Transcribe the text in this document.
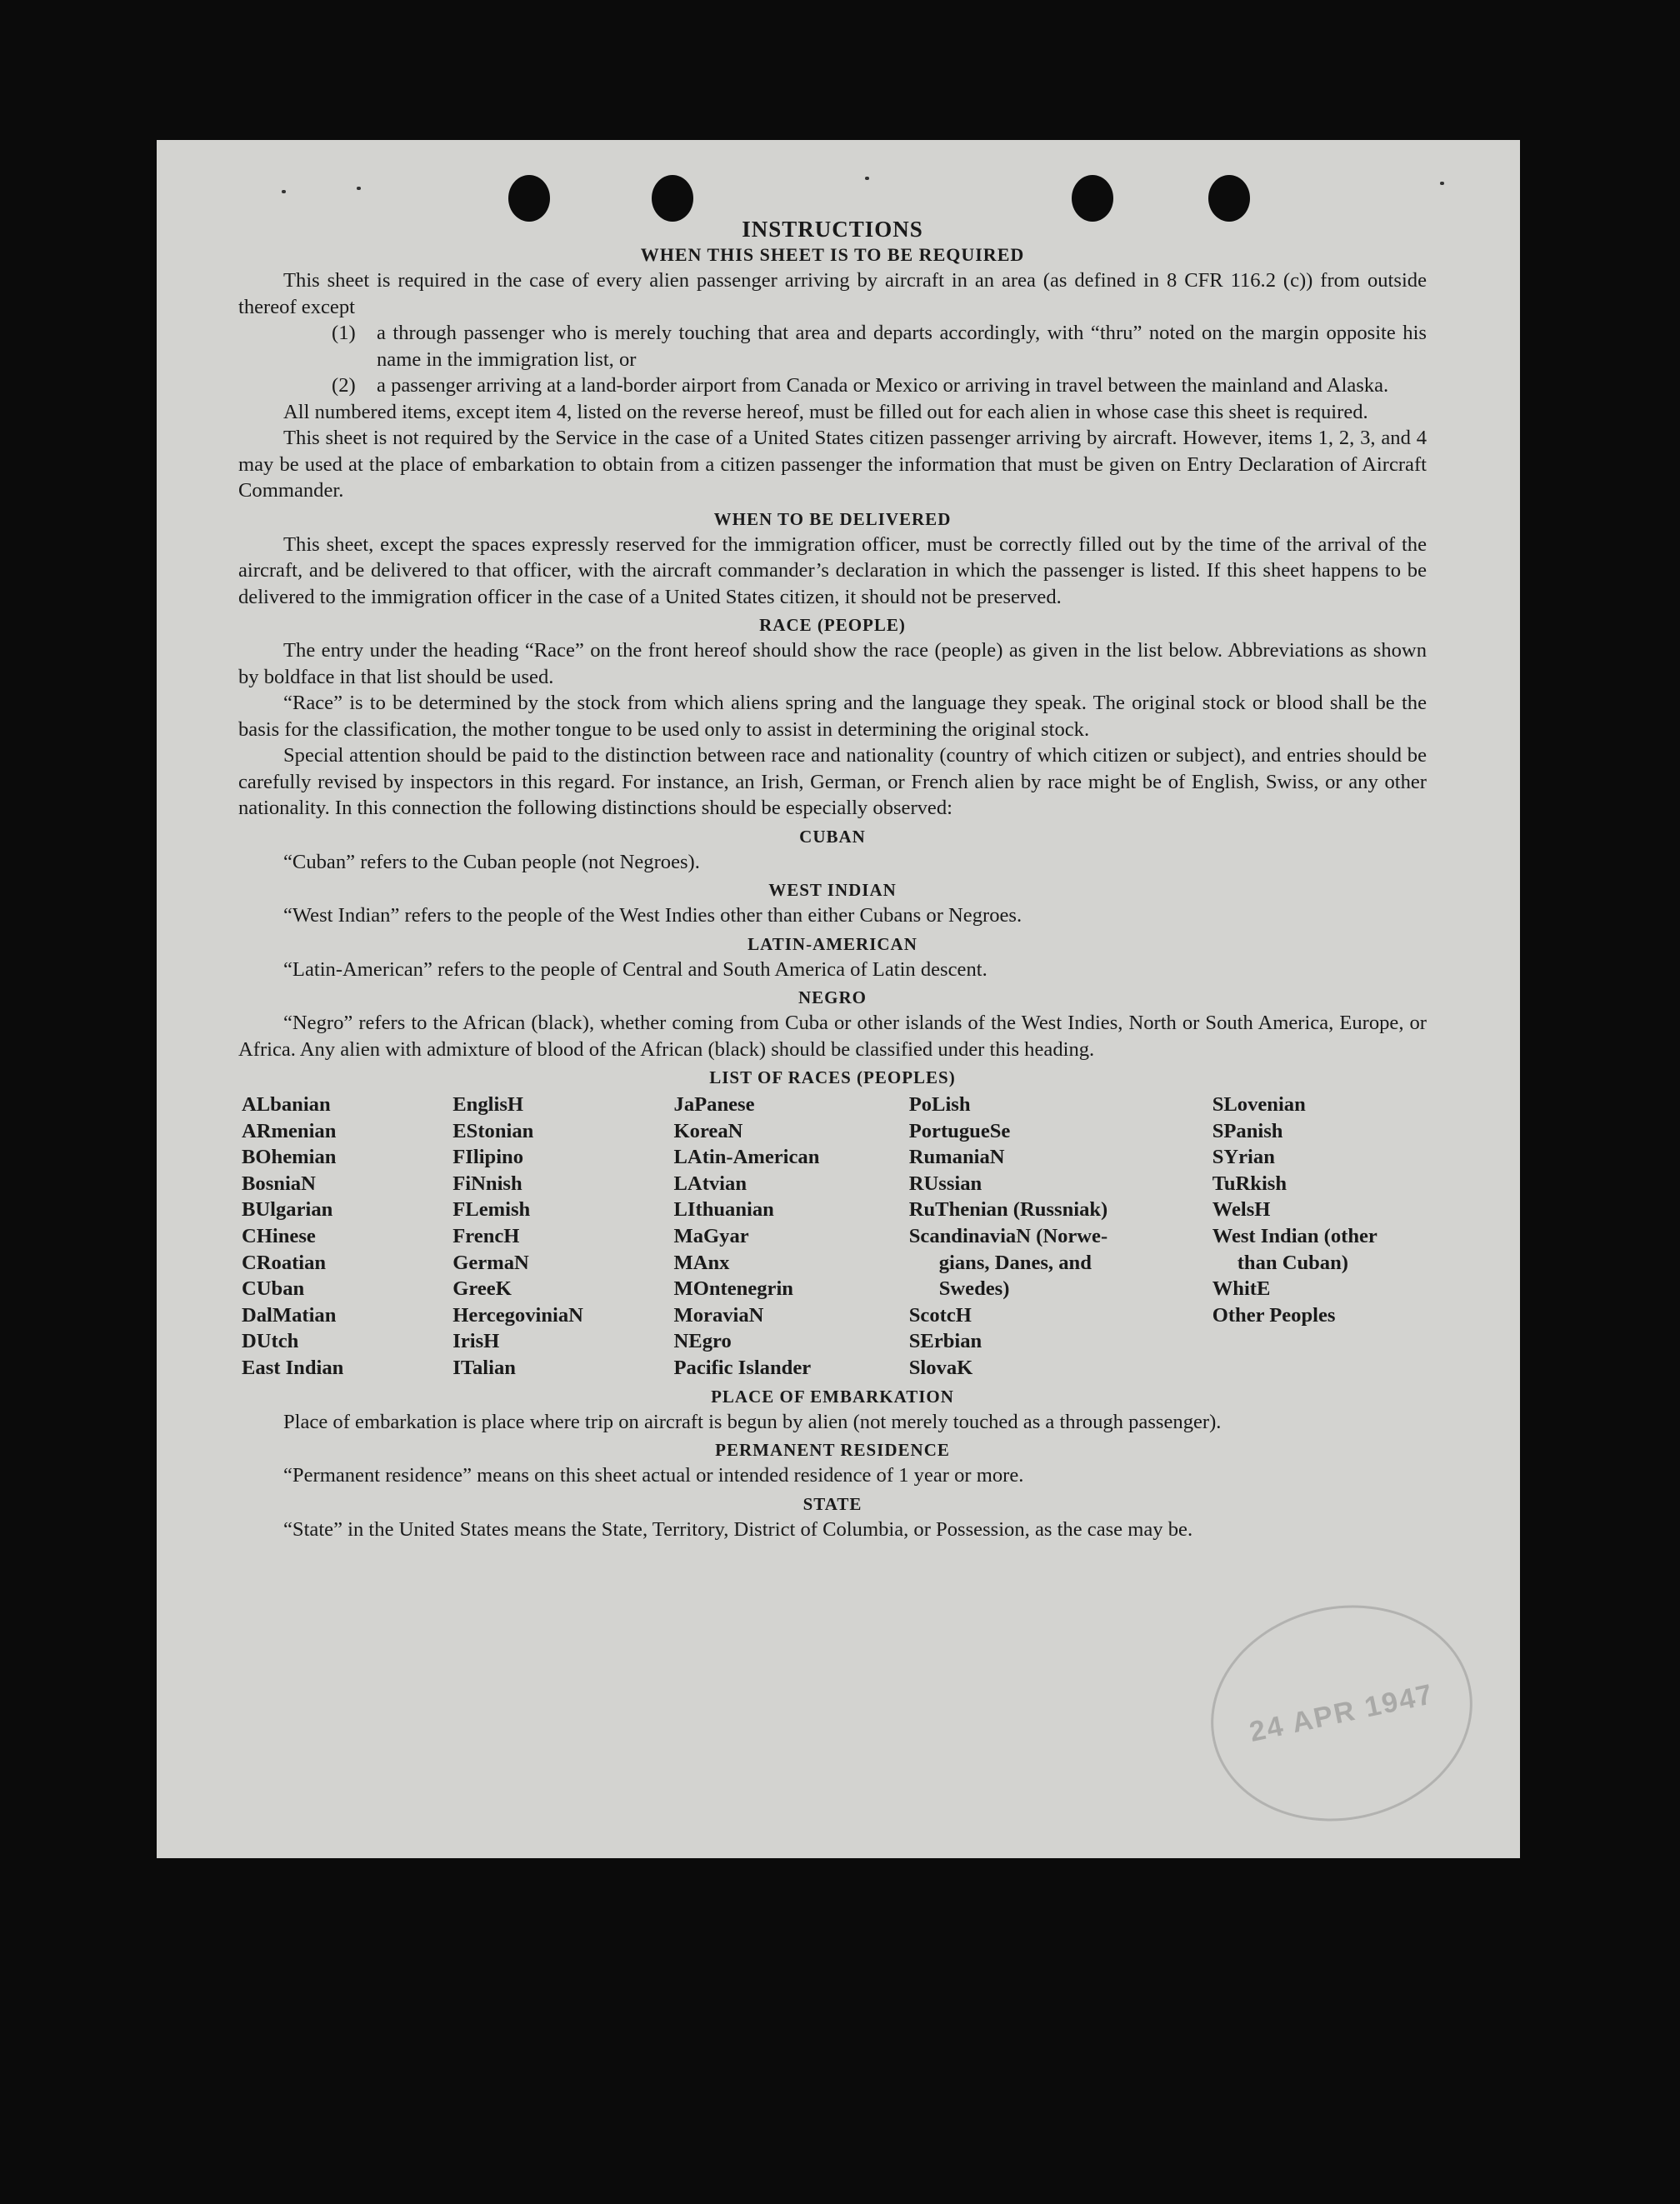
24 APR 1947
INSTRUCTIONS
WHEN THIS SHEET IS TO BE REQUIRED

This sheet is required in the case of every alien passenger arriving by aircraft in an area (as defined in 8 CFR 116.2 (c)) from outside thereof except

(1)	a through passenger who is merely touching that area and departs accordingly, with “thru” noted on the margin opposite his name in the immigration list, or
(2)	a passenger arriving at a land-border airport from Canada or Mexico or arriving in travel between the mainland and Alaska.

All numbered items, except item 4, listed on the reverse hereof, must be filled out for each alien in whose case this sheet is required.

This sheet is not required by the Service in the case of a United States citizen passenger arriving by aircraft. However, items 1, 2, 3, and 4 may be used at the place of embarkation to obtain from a citizen passenger the information that must be given on Entry Declaration of Aircraft Commander.

WHEN TO BE DELIVERED

This sheet, except the spaces expressly reserved for the immigration officer, must be correctly filled out by the time of the arrival of the aircraft, and be delivered to that officer, with the aircraft commander’s declaration in which the passenger is listed. If this sheet happens to be delivered to the immigration officer in the case of a United States citizen, it should not be preserved.

RACE (PEOPLE)

The entry under the heading “Race” on the front hereof should show the race (people) as given in the list below. Abbreviations as shown by boldface in that list should be used.

“Race” is to be determined by the stock from which aliens spring and the language they speak. The original stock or blood shall be the basis for the classification, the mother tongue to be used only to assist in determining the original stock.

Special attention should be paid to the distinction between race and nationality (country of which citizen or subject), and entries should be carefully revised by inspectors in this regard. For instance, an Irish, German, or French alien by race might be of English, Swiss, or any other nationality. In this connection the following distinctions should be especially observed:

CUBAN

“Cuban” refers to the Cuban people (not Negroes).

WEST INDIAN

“West Indian” refers to the people of the West Indies other than either Cubans or Negroes.

LATIN-AMERICAN

“Latin-American” refers to the people of Central and South America of Latin descent.

NEGRO

“Negro” refers to the African (black), whether coming from Cuba or other islands of the West Indies, North or South America, Europe, or Africa. Any alien with admixture of blood of the African (black) should be classified under this heading.

LIST OF RACES (PEOPLES)
ALbanian
ARmenian
BOhemian
BosniaN
BUlgarian
CHinese
CRoatian
CUban
DalMatian
DUtch
East Indian
EnglisH
EStonian
FIlipino
FiNnish
FLemish
FrencH
GermaN
GreeK
HercegoviniaN
IrisH
ITalian
JaPanese
KoreaN
LAtin-American
LAtvian
LIthuanian
MaGyar
MAnx
MOntenegrin
MoraviaN
NEgro
Pacific Islander
PoLish
PortugueSe
RumaniaN
RUssian
RuThenian (Russniak)
ScandinaviaN (Norwe-
gians, Danes, and
Swedes)
ScotcH
SErbian
SlovaK
SLovenian
SPanish
SYrian
TuRkish
WelsH
West Indian (other
than Cuban)
WhitE
Other Peoples
PLACE OF EMBARKATION

Place of embarkation is place where trip on aircraft is begun by alien (not merely touched as a through passenger).

PERMANENT RESIDENCE

“Permanent residence” means on this sheet actual or intended residence of 1 year or more.

STATE

“State” in the United States means the State, Territory, District of Columbia, or Possession, as the case may be.
